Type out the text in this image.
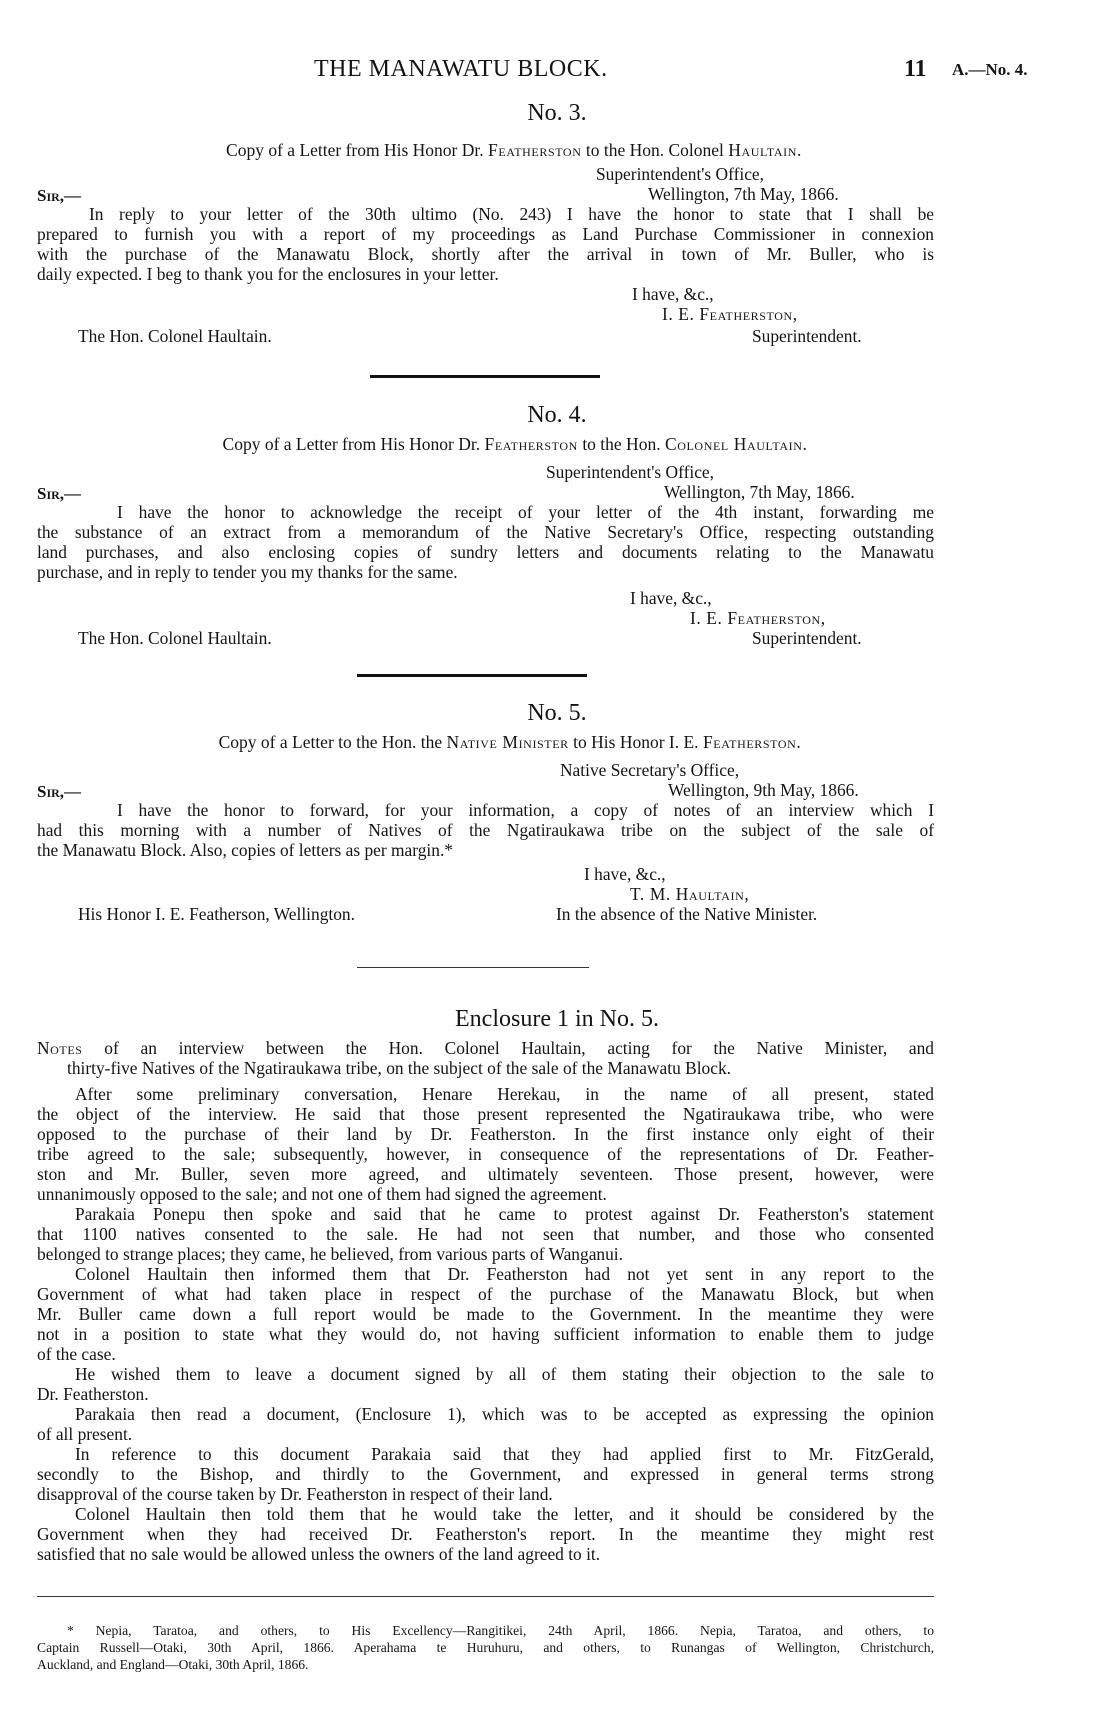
THE MANAWATU BLOCK.	11 A.—No. 4.
No. 3.
Copy of a Letter from His Honor Dr. Featherston to the Hon. Colonel Haultain.
Superintendent's Office,
Wellington, 7th May, 1866.
Sir,—
In reply to your letter of the 30th ultimo (No. 243) I have the honor to state that I shall be
prepared to furnish you with a report of my proceedings as Land Purchase Commissioner in connexion
with the purchase of the Manawatu Block, shortly after the arrival in town of Mr. Buller, who is
daily expected. I beg to thank you for the enclosures in your letter.
I have, &c.,
I. E. Featherston,
The Hon. Colonel Haultain.	Superintendent.
No. 4.
Copy of a Letter from His Honor Dr. Featherston to the Hon. Colonel Haultain.
Superintendent's Office,
Wellington, 7th May, 1866.
Sir,—
I have the honor to acknowledge the receipt of your letter of the 4th instant, forwarding me
the substance of an extract from a memorandum of the Native Secretary's Office, respecting outstanding
land purchases, and also enclosing copies of sundry letters and documents relating to the Manawatu
purchase, and in reply to tender you my thanks for the same.
I have, &c.,
I. E. Featherston,
The Hon. Colonel Haultain.	Superintendent.
No. 5.
Copy of a Letter to the Hon. the Native Minister to His Honor I. E. Featherston.
Native Secretary's Office,
Wellington, 9th May, 1866.
Sir,—
I have the honor to forward, for your information, a copy of notes of an interview which I
had this morning with a number of Natives of the Ngatiraukawa tribe on the subject of the sale of
the Manawatu Block. Also, copies of letters as per margin.*
I have, &c.,
T. M. Haultain,
His Honor I. E. Featherson, Wellington.	In the absence of the Native Minister.
Enclosure 1 in No. 5.
Notes of an interview between the Hon. Colonel Haultain, acting for the Native Minister, and
thirty-five Natives of the Ngatiraukawa tribe, on the subject of the sale of the Manawatu Block.
After some preliminary conversation, Henare Herekau, in the name of all present, stated
the object of the interview. He said that those present represented the Ngatiraukawa tribe, who were
opposed to the purchase of their land by Dr. Featherston. In the first instance only eight of their
tribe agreed to the sale; subsequently, however, in consequence of the representations of Dr. Feather-
ston and Mr. Buller, seven more agreed, and ultimately seventeen. Those present, however, were
unnanimously opposed to the sale; and not one of them had signed the agreement.
Parakaia Ponepu then spoke and said that he came to protest against Dr. Featherston's statement
that 1100 natives consented to the sale. He had not seen that number, and those who consented
belonged to strange places; they came, he believed, from various parts of Wanganui.
Colonel Haultain then informed them that Dr. Featherston had not yet sent in any report to the
Government of what had taken place in respect of the purchase of the Manawatu Block, but when
Mr. Buller came down a full report would be made to the Government. In the meantime they were
not in a position to state what they would do, not having sufficient information to enable them to judge
of the case.
He wished them to leave a document signed by all of them stating their objection to the sale to
Dr. Featherston.
Parakaia then read a document, (Enclosure 1), which was to be accepted as expressing the opinion
of all present.
In reference to this document Parakaia said that they had applied first to Mr. FitzGerald,
secondly to the Bishop, and thirdly to the Government, and expressed in general terms strong
disapproval of the course taken by Dr. Featherston in respect of their land.
Colonel Haultain then told them that he would take the letter, and it should be considered by the
Government when they had received Dr. Featherston's report. In the meantime they might rest
satisfied that no sale would be allowed unless the owners of the land agreed to it.
* Nepia, Taratoa, and others, to His Excellency—Rangitikei, 24th April, 1866. Nepia, Taratoa, and others, to
Captain Russell—Otaki, 30th April, 1866. Aperahama te Huruhuru, and others, to Runangas of Wellington, Christchurch,
Auckland, and England—Otaki, 30th April, 1866.
